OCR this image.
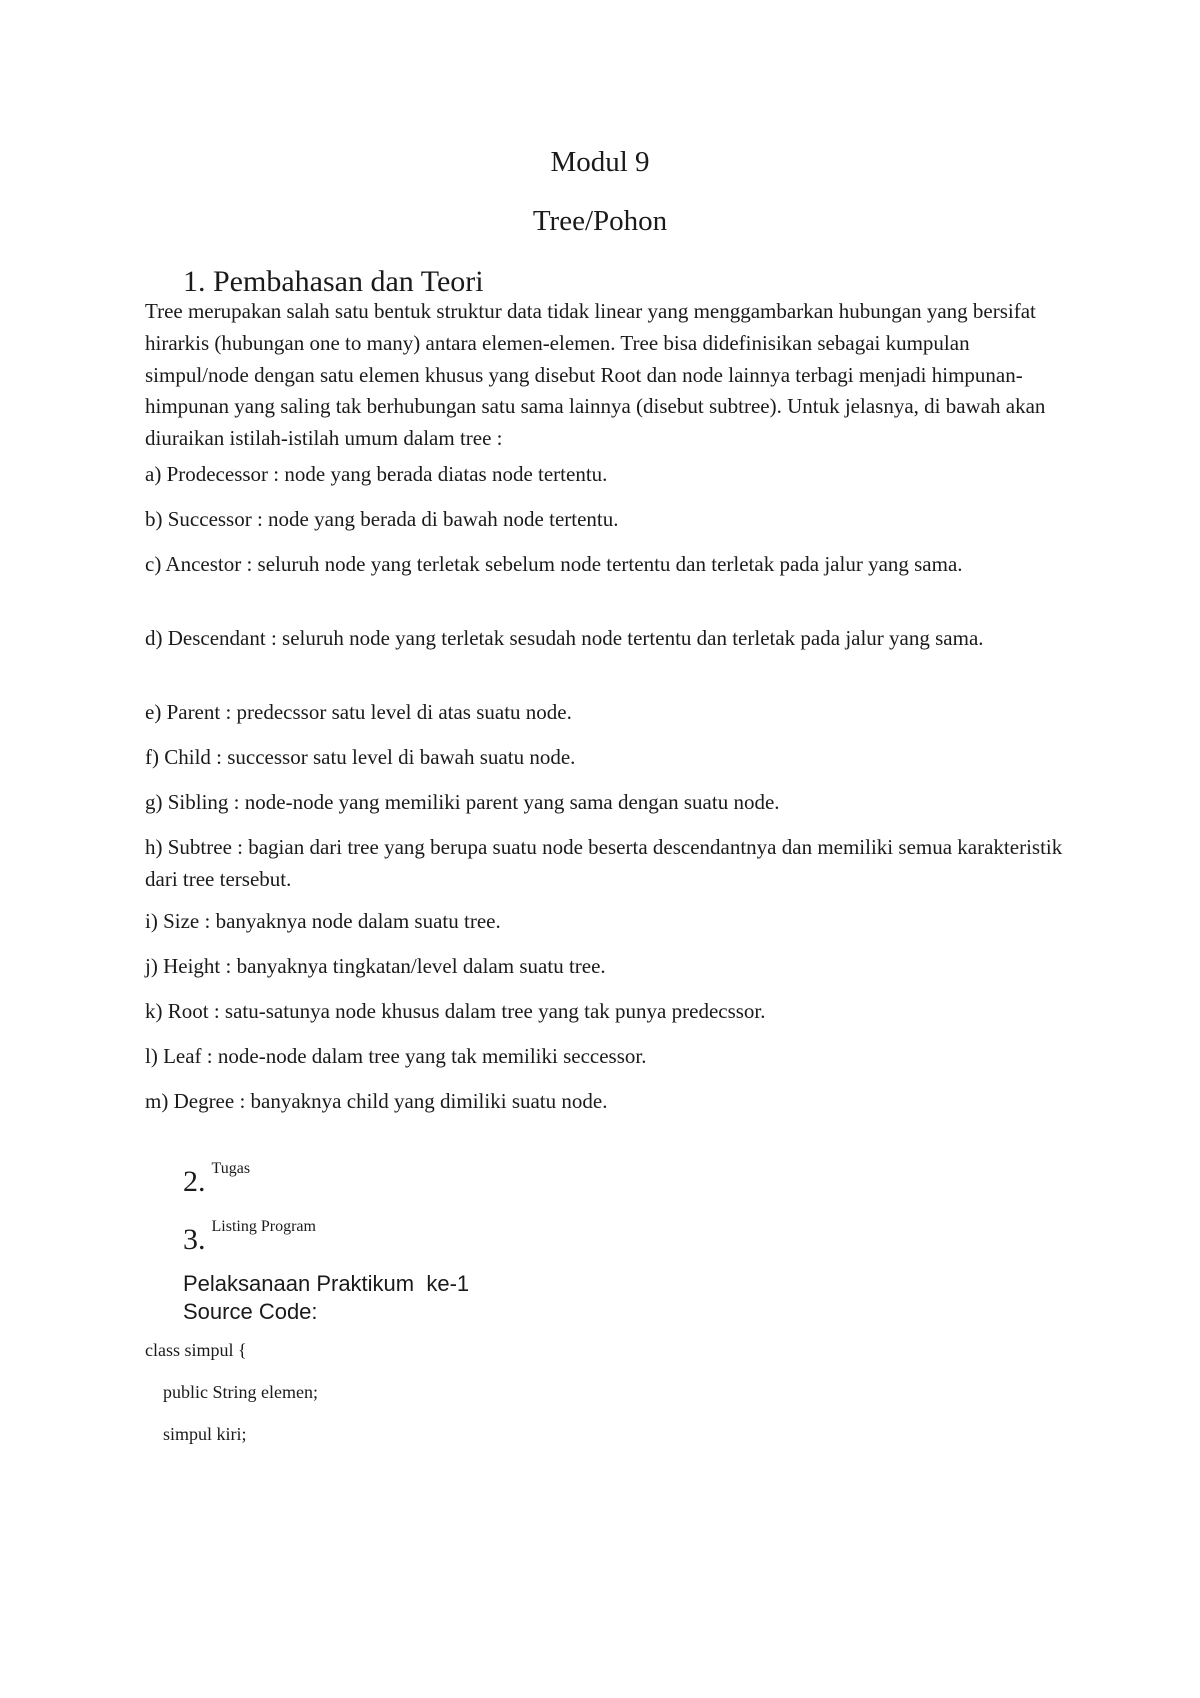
Modul 9
Tree/Pohon
1. Pembahasan dan Teori

Tree merupakan salah satu bentuk struktur data tidak linear yang menggambarkan hubungan yang bersifat hirarkis (hubungan one to many) antara elemen-elemen. Tree bisa didefinisikan sebagai kumpulan simpul/node dengan satu elemen khusus yang disebut Root dan node lainnya terbagi menjadi himpunan-himpunan yang saling tak berhubungan satu sama lainnya (disebut subtree). Untuk jelasnya, di bawah akan diuraikan istilah-istilah umum dalam tree :

a) Prodecessor : node yang berada diatas node tertentu.

b) Successor : node yang berada di bawah node tertentu.

c) Ancestor : seluruh node yang terletak sebelum node tertentu dan terletak pada jalur yang sama.

d) Descendant : seluruh node yang terletak sesudah node tertentu dan terletak pada jalur yang sama.

e) Parent : predecssor satu level di atas suatu node.

f) Child : successor satu level di bawah suatu node.

g) Sibling : node-node yang memiliki parent yang sama dengan suatu node.

h) Subtree : bagian dari tree yang berupa suatu node beserta descendantnya dan memiliki semua karakteristik dari tree tersebut.

i) Size : banyaknya node dalam suatu tree.

j) Height : banyaknya tingkatan/level dalam suatu tree.

k) Root : satu-satunya node khusus dalam tree yang tak punya predecssor.

l) Leaf : node-node dalam tree yang tak memiliki seccessor.

m) Degree : banyaknya child yang dimiliki suatu node.

2. Tugas
3. Listing Program
Pelaksanaan Praktikum  ke-1
Source Code:

class simpul {

public String elemen;

simpul kiri;
